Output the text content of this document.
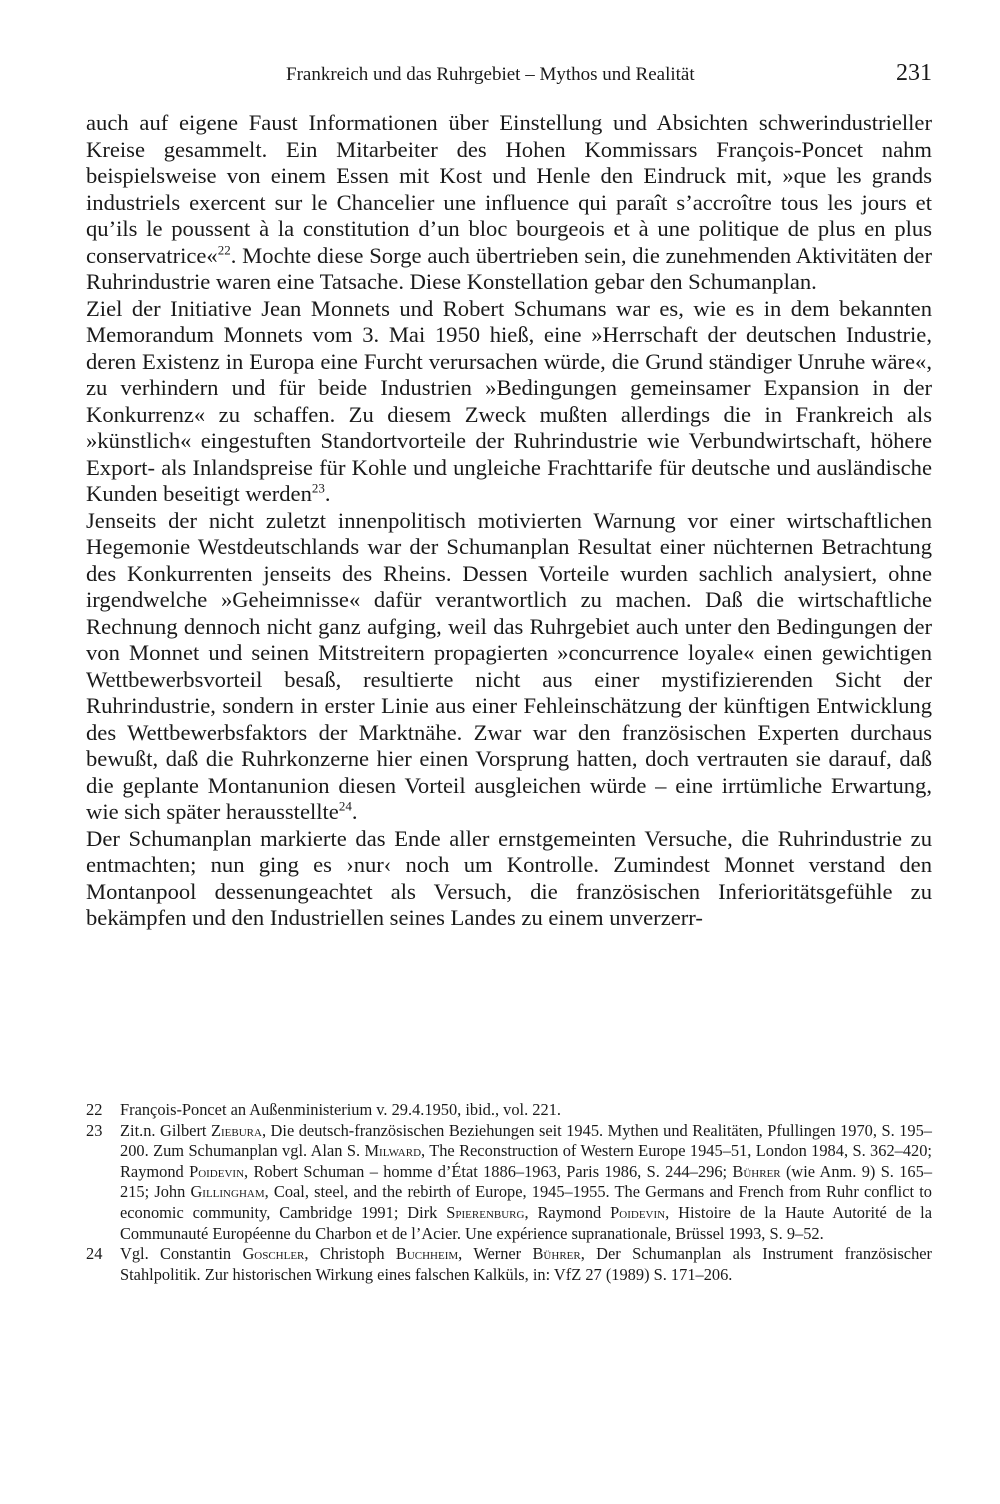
Frankreich und das Ruhrgebiet – Mythos und Realität	231

auch auf eigene Faust Informationen über Einstellung und Absichten schwerindustrieller Kreise gesammelt. Ein Mitarbeiter des Hohen Kommissars François-Poncet nahm beispielsweise von einem Essen mit Kost und Henle den Eindruck mit, »que les grands industriels exercent sur le Chancelier une influence qui paraît s’accroître tous les jours et qu’ils le poussent à la constitution d’un bloc bourgeois et à une politique de plus en plus conservatrice«$^{22}$. Mochte diese Sorge auch übertrieben sein, die zunehmenden Aktivitäten der Ruhrindustrie waren eine Tatsache. Diese Konstellation gebar den Schumanplan.

Ziel der Initiative Jean Monnets und Robert Schumans war es, wie es in dem bekannten Memorandum Monnets vom 3. Mai 1950 hieß, eine »Herrschaft der deutschen Industrie, deren Existenz in Europa eine Furcht verursachen würde, die Grund ständiger Unruhe wäre«, zu verhindern und für beide Industrien »Bedingungen gemeinsamer Expansion in der Konkurrenz« zu schaffen. Zu diesem Zweck mußten allerdings die in Frankreich als »künstlich« eingestuften Standortvorteile der Ruhrindustrie wie Verbundwirtschaft, höhere Export- als Inlandspreise für Kohle und ungleiche Frachttarife für deutsche und ausländische Kunden beseitigt werden$^{23}$.

Jenseits der nicht zuletzt innenpolitisch motivierten Warnung vor einer wirtschaftlichen Hegemonie Westdeutschlands war der Schumanplan Resultat einer nüchternen Betrachtung des Konkurrenten jenseits des Rheins. Dessen Vorteile wurden sachlich analysiert, ohne irgendwelche »Geheimnisse« dafür verantwortlich zu machen. Daß die wirtschaftliche Rechnung dennoch nicht ganz aufging, weil das Ruhrgebiet auch unter den Bedingungen der von Monnet und seinen Mitstreitern propagierten »concurrence loyale« einen gewichtigen Wettbewerbsvorteil besaß, resultierte nicht aus einer mystifizierenden Sicht der Ruhrindustrie, sondern in erster Linie aus einer Fehleinschätzung der künftigen Entwicklung des Wettbewerbsfaktors der Marktnähe. Zwar war den französischen Experten durchaus bewußt, daß die Ruhrkonzerne hier einen Vorsprung hatten, doch vertrauten sie darauf, daß die geplante Montanunion diesen Vorteil ausgleichen würde – eine irrtümliche Erwartung, wie sich später herausstellte$^{24}$.

Der Schumanplan markierte das Ende aller ernstgemeinten Versuche, die Ruhrindustrie zu entmachten; nun ging es ›nur‹ noch um Kontrolle. Zumindest Monnet verstand den Montanpool dessenungeachtet als Versuch, die französischen Inferioritätsgefühle zu bekämpfen und den Industriellen seines Landes zu einem unverzerr-

22 François-Poncet an Außenministerium v. 29.4.1950, ibid., vol. 221.
23 Zit.n. Gilbert Ziebura, Die deutsch-französischen Beziehungen seit 1945. Mythen und Realitäten, Pfullingen 1970, S. 195–200. Zum Schumanplan vgl. Alan S. Milward, The Reconstruction of Western Europe 1945–51, London 1984, S. 362–420; Raymond Poidevin, Robert Schuman – homme d’État 1886–1963, Paris 1986, S. 244–296; Bührer (wie Anm. 9) S. 165–215; John Gillingham, Coal, steel, and the rebirth of Europe, 1945–1955. The Germans and French from Ruhr conflict to economic community, Cambridge 1991; Dirk Spierenburg, Raymond Poidevin, Histoire de la Haute Autorité de la Communauté Européenne du Charbon et de l’Acier. Une expérience supranationale, Brüssel 1993, S. 9–52.
24 Vgl. Constantin Goschler, Christoph Buchheim, Werner Bührer, Der Schumanplan als Instrument französischer Stahlpolitik. Zur historischen Wirkung eines falschen Kalküls, in: VfZ 27 (1989) S. 171–206.
